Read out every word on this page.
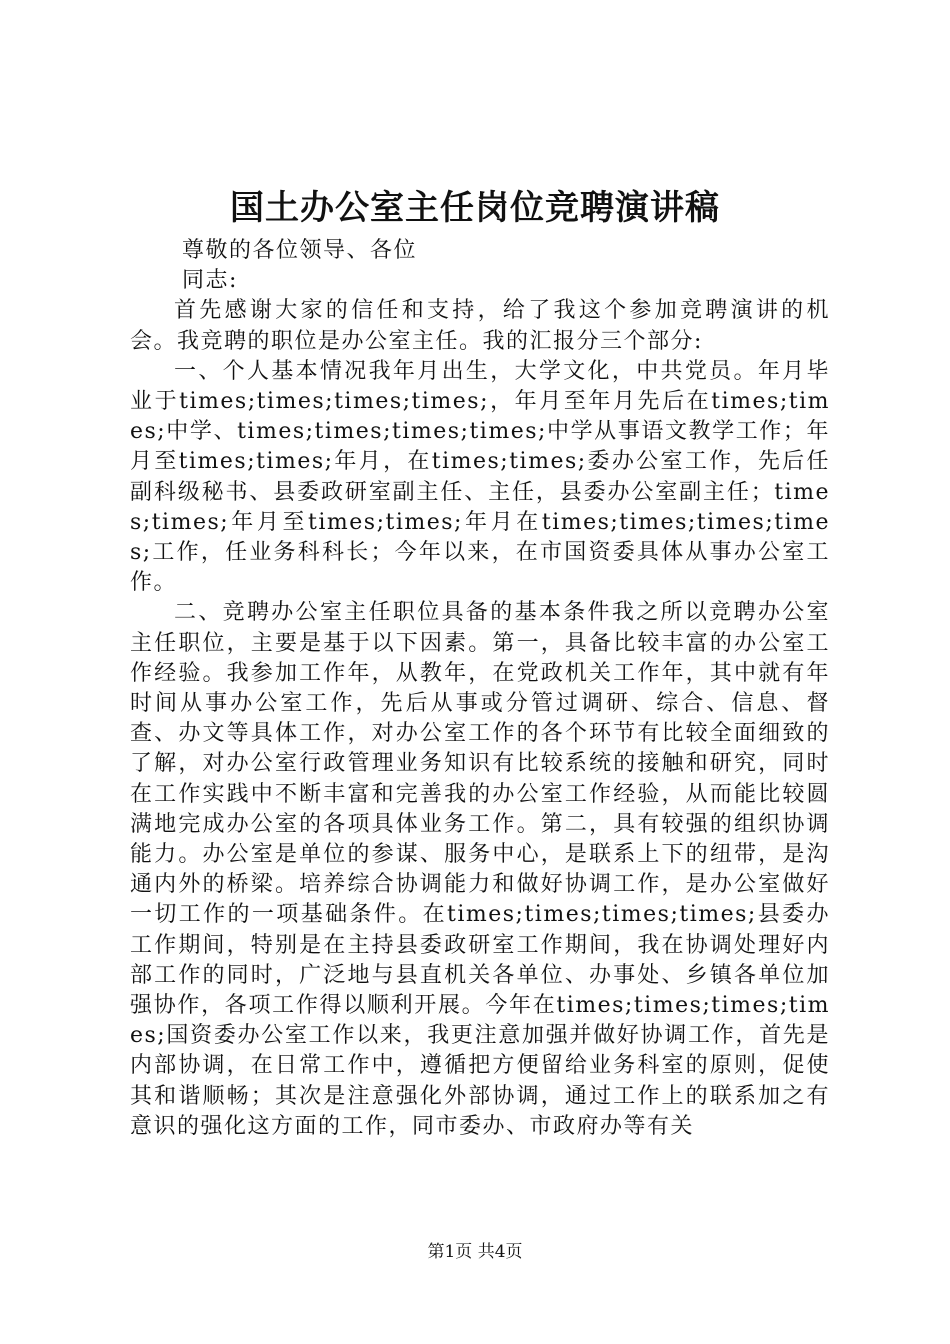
国土办公室主任岗位竞聘演讲稿

尊敬的各位领导、各位

同志:

首先感谢大家的信任和支持，给了我这个参加竞聘演讲的机会。我竞聘的职位是办公室主任。我的汇报分三个部分:

一、个人基本情况我年月出生，大学文化，中共党员。年月毕业于times;times;times;times;，年月至年月先后在times;times;中学、times;times;times;times;中学从事语文教学工作；年月至times;times;年月，在times;times;委办公室工作，先后任副科级秘书、县委政研室副主任、主任，县委办公室副主任；times;times;年月至times;times;年月在times;times;times;times;工作，任业务科科长；今年以来，在市国资委具体从事办公室工作。

二、竞聘办公室主任职位具备的基本条件我之所以竞聘办公室主任职位，主要是基于以下因素。第一，具备比较丰富的办公室工作经验。我参加工作年，从教年，在党政机关工作年，其中就有年时间从事办公室工作，先后从事或分管过调研、综合、信息、督查、办文等具体工作，对办公室工作的各个环节有比较全面细致的了解，对办公室行政管理业务知识有比较系统的接触和研究，同时在工作实践中不断丰富和完善我的办公室工作经验，从而能比较圆满地完成办公室的各项具体业务工作。第二，具有较强的组织协调能力。办公室是单位的参谋、服务中心，是联系上下的纽带，是沟通内外的桥梁。培养综合协调能力和做好协调工作，是办公室做好一切工作的一项基础条件。在times;times;times;times;县委办工作期间，特别是在主持县委政研室工作期间，我在协调处理好内部工作的同时，广泛地与县直机关各单位、办事处、乡镇各单位加强协作，各项工作得以顺利开展。今年在times;times;times;times;国资委办公室工作以来，我更注意加强并做好协调工作，首先是内部协调，在日常工作中，遵循把方便留给业务科室的原则，促使其和谐顺畅；其次是注意强化外部协调，通过工作上的联系加之有意识的强化这方面的工作，同市委办、市政府办等有关

第1页 共4页
